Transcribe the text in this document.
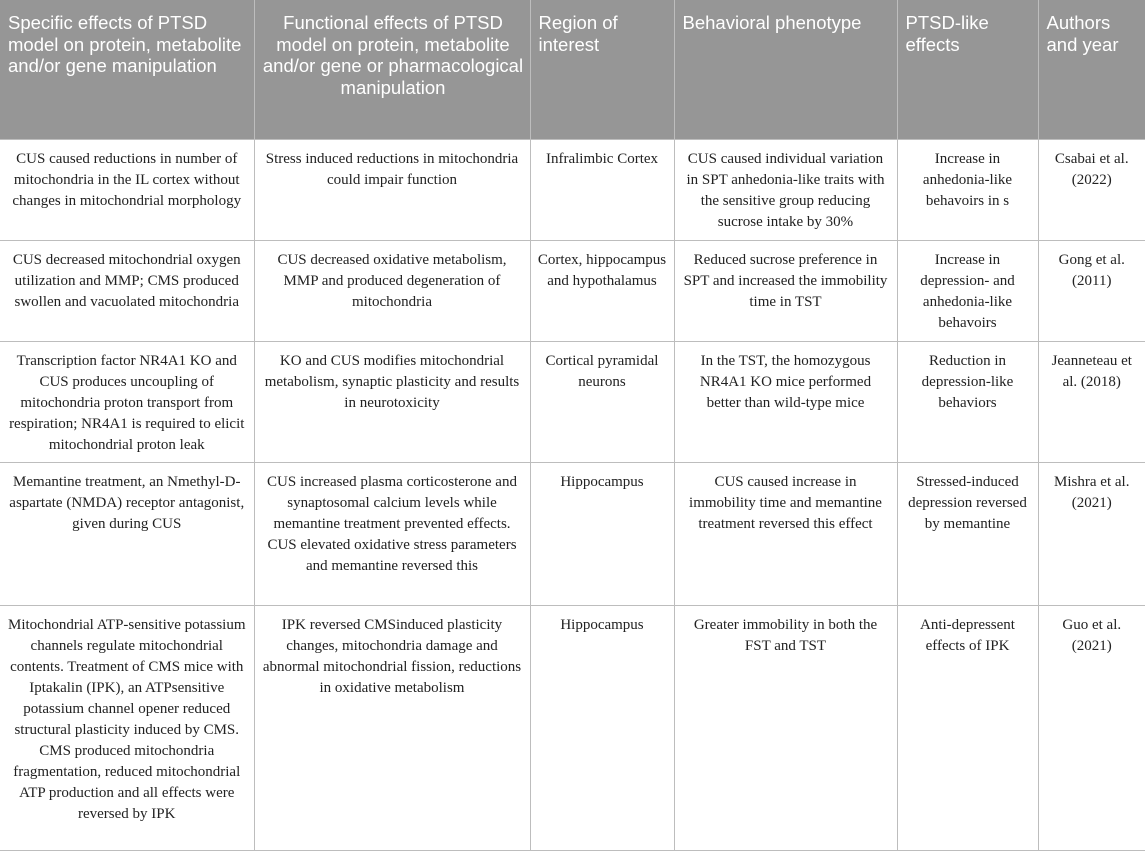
Specific effects of PTSD model on protein, metabolite and/or gene manipulation	Functional effects of PTSD model on protein, metabolite and/or gene or pharmacological manipulation	Region of interest	Behavioral phenotype	PTSD-like effects	Authors and year
CUS caused reductions in number of mitochondria in the IL cortex without changes in mitochondrial morphology	Stress induced reductions in mitochondria could impair function	Infralimbic Cortex	CUS caused individual variation in SPT anhedonia-like traits with the sensitive group reducing sucrose intake by 30%	Increase in anhedonia-like behavoirs in s	Csabai et al. (2022)
CUS decreased mitochondrial oxygen utilization and MMP; CMS produced swollen and vacuolated mitochondria	CUS decreased oxidative metabolism, MMP and produced degeneration of mitochondria	Cortex, hippocampus and hypothalamus	Reduced sucrose preference in SPT and increased the immobility time in TST	Increase in depression- and anhedonia-like behavoirs	Gong et al. (2011)
Transcription factor NR4A1 KO and CUS produces uncoupling of mitochondria proton transport from respiration; NR4A1 is required to elicit mitochondrial proton leak	KO and CUS modifies mitochondrial metabolism, synaptic plasticity and results in neurotoxicity	Cortical pyramidal neurons	In the TST, the homozygous NR4A1 KO mice performed better than wild-type mice	Reduction in depression-like behaviors	Jeanneteau et al. (2018)
Memantine treatment, an Nmethyl-D-aspartate (NMDA) receptor antagonist, given during CUS	CUS increased plasma corticosterone and synaptosomal calcium levels while memantine treatment prevented effects. CUS elevated oxidative stress parameters and memantine reversed this	Hippocampus	CUS caused increase in immobility time and memantine treatment reversed this effect	Stressed-induced depression reversed by memantine	Mishra et al. (2021)
Mitochondrial ATP-sensitive potassium channels regulate mitochondrial contents. Treatment of CMS mice with Iptakalin (IPK), an ATPsensitive potassium channel opener reduced structural plasticity induced by CMS. CMS produced mitochondria fragmentation, reduced mitochondrial ATP production and all effects were reversed by IPK	IPK reversed CMSinduced plasticity changes, mitochondria damage and abnormal mitochondrial fission, reductions in oxidative metabolism	Hippocampus	Greater immobility in both the FST and TST	Anti-depressent effects of IPK	Guo et al. (2021)
